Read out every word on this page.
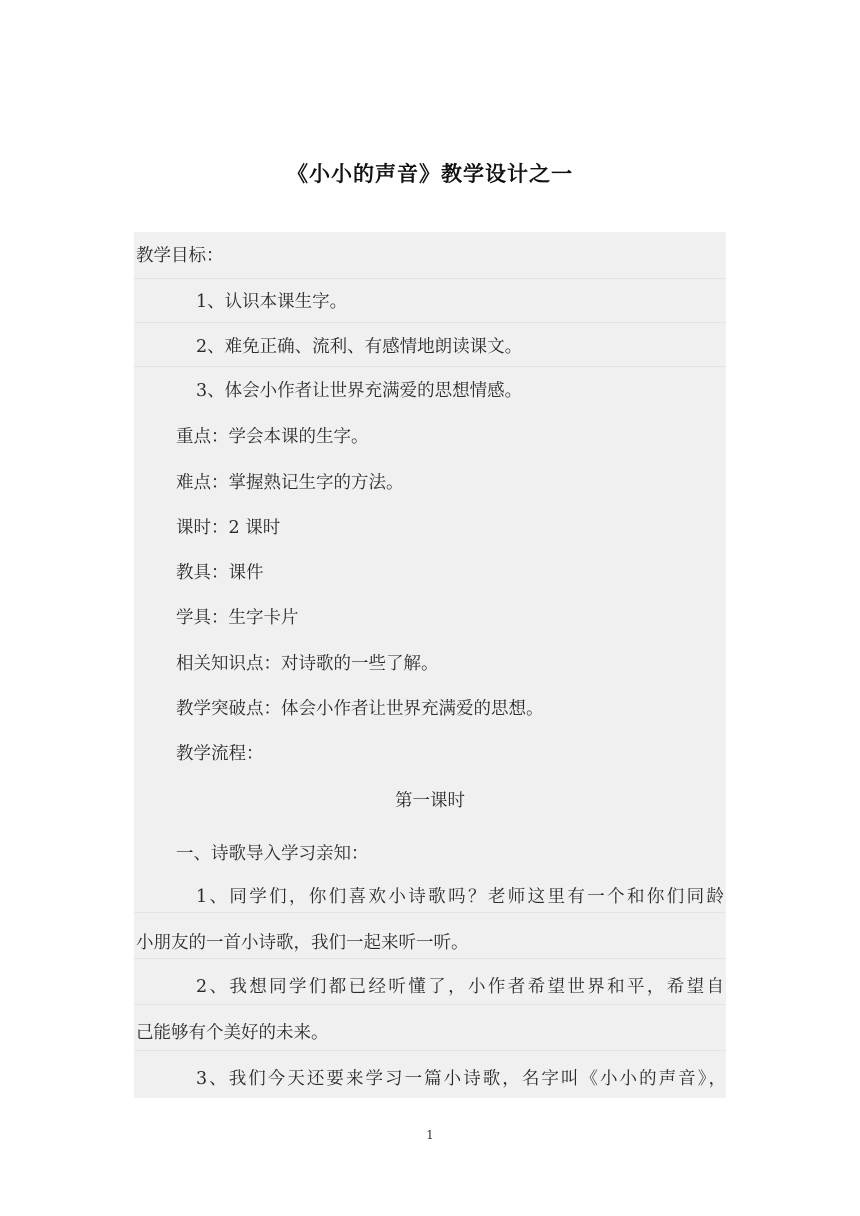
《小小的声音》教学设计之一
教学目标：
1、认识本课生字。
2、难免正确、流利、有感情地朗读课文。
3、体会小作者让世界充满爱的思想情感。
重点：学会本课的生字。
难点：掌握熟记生字的方法。
课时：2 课时
教具：课件
学具：生字卡片
相关知识点：对诗歌的一些了解。
教学突破点：体会小作者让世界充满爱的思想。
教学流程：
第一课时
一、诗歌导入学习亲知：
1、同学们，你们喜欢小诗歌吗？老师这里有一个和你们同龄
小朋友的一首小诗歌，我们一起来听一听。
2、我想同学们都已经听懂了，小作者希望世界和平，希望自
己能够有个美好的未来。
3、我们今天还要来学习一篇小诗歌，名字叫《小小的声音》，
1
